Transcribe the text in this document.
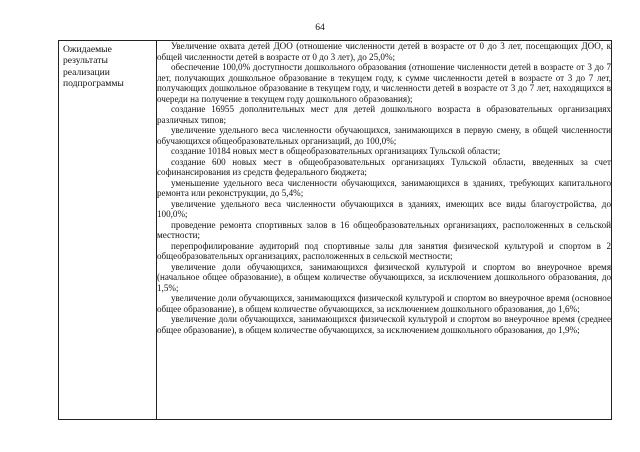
64
Ожидаемые результаты реализации подпрограммы

Увеличение охвата детей ДОО (отношение численности детей в возрасте от 0 до 3 лет, посещающих ДОО, к общей численности детей в возрасте от 0 до 3 лет), до 25,0%;

обеспечение 100,0% доступности дошкольного образования (отношение численности детей в возрасте от 3 до 7 лет, получающих дошкольное образование в текущем году, к сумме численности детей в возрасте от 3 до 7 лет, получающих дошкольное образование в текущем году, и численности детей в возрасте от 3 до 7 лет, находящихся в очереди на получение в текущем году дошкольного образования);

создание 16955 дополнительных мест для детей дошкольного возраста в образовательных организациях различных типов;

увеличение удельного веса численности обучающихся, занимающихся в первую смену, в общей численности обучающихся общеобразовательных организаций, до 100,0%;

создание 10184 новых мест в общеобразовательных организациях Тульской области;

создание 600 новых мест в общеобразовательных организациях Тульской области, введенных за счет софинансирования из средств федерального бюджета;

уменьшение удельного веса численности обучающихся, занимающихся в зданиях, требующих капитального ремонта или реконструкции, до 5,4%;

увеличение удельного веса численности обучающихся в зданиях, имеющих все виды благоустройства, до 100,0%;

проведение ремонта спортивных залов в 16 общеобразовательных организациях, расположенных в сельской местности;

перепрофилирование аудиторий под спортивные залы для занятия физической культурой и спортом в 2 общеобразовательных организациях, расположенных в сельской местности;

увеличение доли обучающихся, занимающихся физической культурой и спортом во внеурочное время (начальное общее образование), в общем количестве обучающихся, за исключением дошкольного образования, до 1,5%;

увеличение доли обучающихся, занимающихся физической культурой и спортом во внеурочное время (основное общее образование), в общем количестве обучающихся, за исключением дошкольного образования, до 1,6%;

увеличение доли обучающихся, занимающихся физической культурой и спортом во внеурочное время (среднее общее образование), в общем количестве обучающихся, за исключением дошкольного образования, до 1,9%;
